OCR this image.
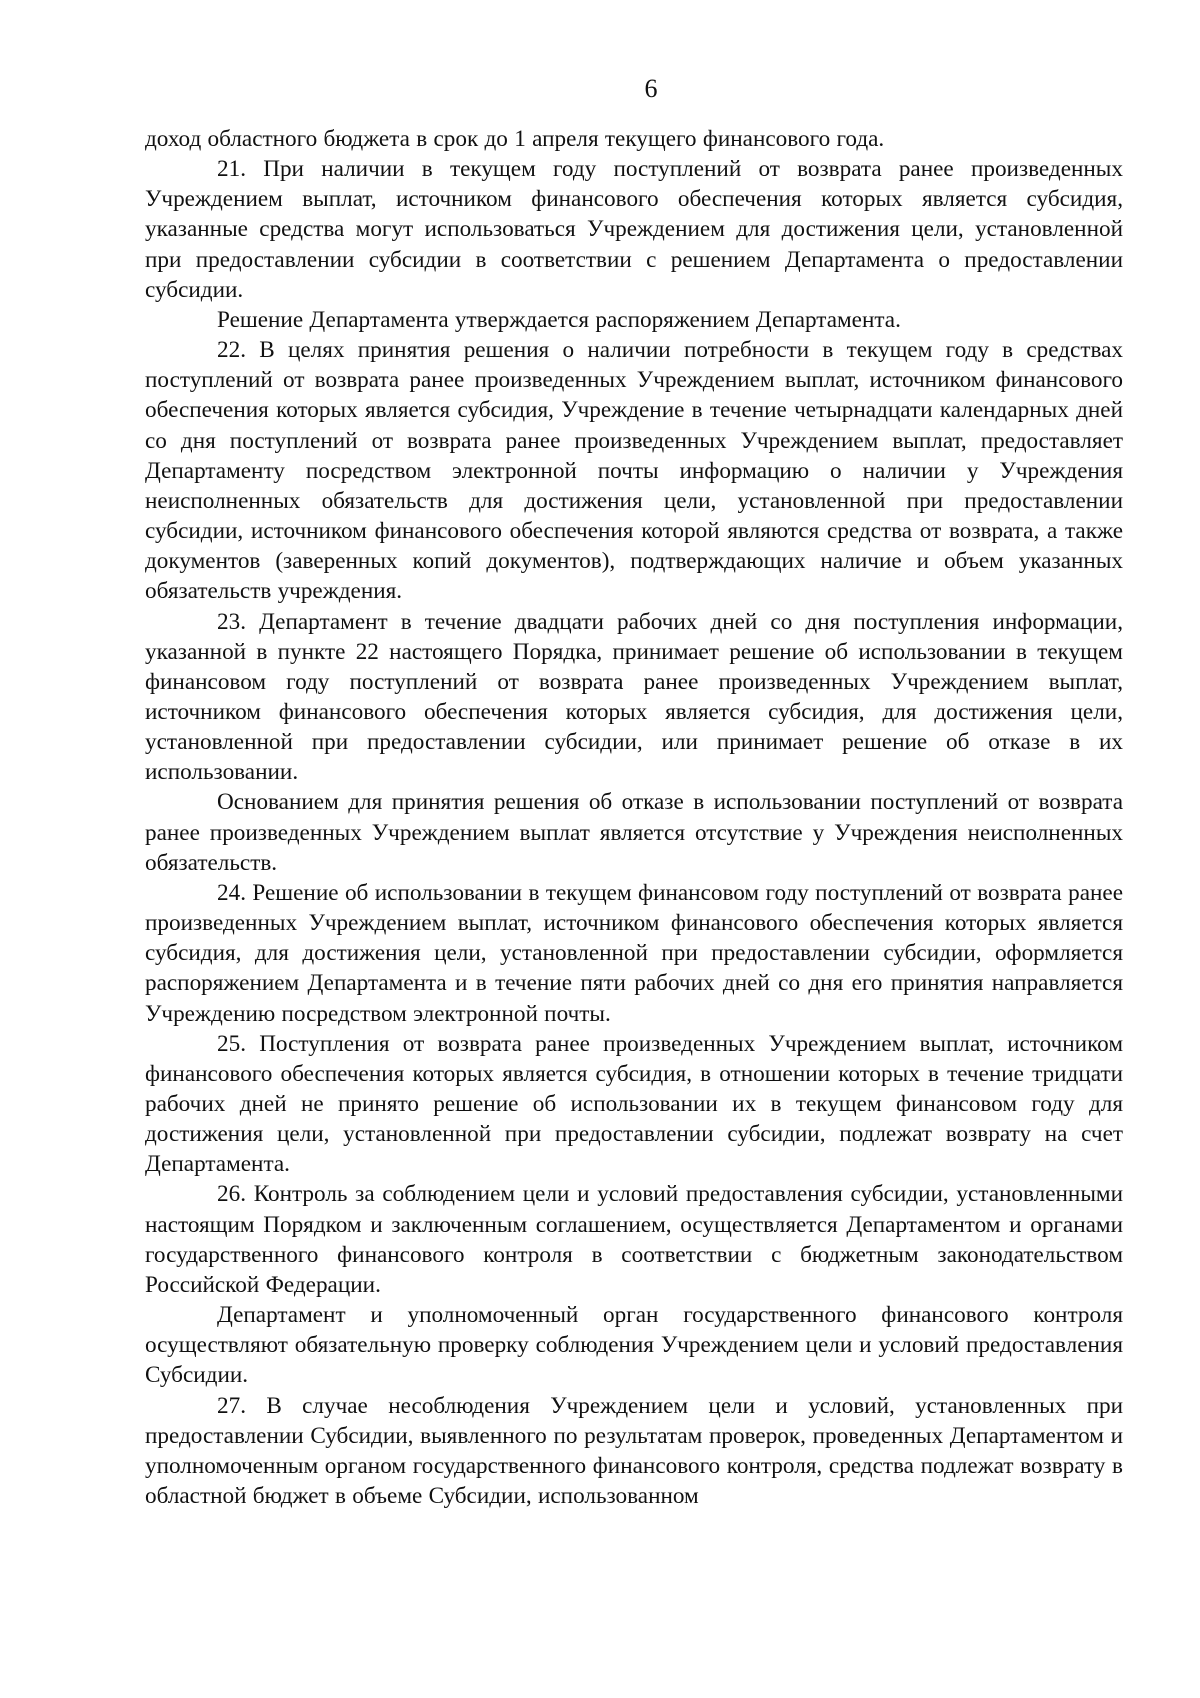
6

доход областного бюджета в срок до 1 апреля текущего финансового года.

21. При наличии в текущем году поступлений от возврата ранее произведенных Учреждением выплат, источником финансового обеспечения которых является субсидия, указанные средства могут использоваться Учреждением для достижения цели, установленной при предоставлении субсидии в соответствии с решением Департамента о предоставлении субсидии.

Решение Департамента утверждается распоряжением Департамента.

22. В целях принятия решения о наличии потребности в текущем году в средствах поступлений от возврата ранее произведенных Учреждением выплат, источником финансового обеспечения которых является субсидия, Учреждение в течение четырнадцати календарных дней со дня поступлений от возврата ранее произведенных Учреждением выплат, предоставляет Департаменту посредством электронной почты информацию о наличии у Учреждения неисполненных обязательств для достижения цели, установленной при предоставлении субсидии, источником финансового обеспечения которой являются средства от возврата, а также документов (заверенных копий документов), подтверждающих наличие и объем указанных обязательств учреждения.

23. Департамент в течение двадцати рабочих дней со дня поступления информации, указанной в пункте 22 настоящего Порядка, принимает решение об использовании в текущем финансовом году поступлений от возврата ранее произведенных Учреждением выплат, источником финансового обеспечения которых является субсидия, для достижения цели, установленной при предоставлении субсидии, или принимает решение об отказе в их использовании.

Основанием для принятия решения об отказе в использовании поступлений от возврата ранее произведенных Учреждением выплат является отсутствие у Учреждения неисполненных обязательств.

24. Решение об использовании в текущем финансовом году поступлений от возврата ранее произведенных Учреждением выплат, источником финансового обеспечения которых является субсидия, для достижения цели, установленной при предоставлении субсидии, оформляется распоряжением Департамента и в течение пяти рабочих дней со дня его принятия направляется Учреждению посредством электронной почты.

25. Поступления от возврата ранее произведенных Учреждением выплат, источником финансового обеспечения которых является субсидия, в отношении которых в течение тридцати рабочих дней не принято решение об использовании их в текущем финансовом году для достижения цели, установленной при предоставлении субсидии, подлежат возврату на счет Департамента.

26. Контроль за соблюдением цели и условий предоставления субсидии, установленными настоящим Порядком и заключенным соглашением, осуществляется Департаментом и органами государственного финансового контроля в соответствии с бюджетным законодательством Российской Федерации.

Департамент и уполномоченный орган государственного финансового контроля осуществляют обязательную проверку соблюдения Учреждением цели и условий предоставления Субсидии.

27. В случае несоблюдения Учреждением цели и условий, установленных при предоставлении Субсидии, выявленного по результатам проверок, проведенных Департаментом и уполномоченным органом государственного финансового контроля, средства подлежат возврату в областной бюджет в объеме Субсидии, использованном
